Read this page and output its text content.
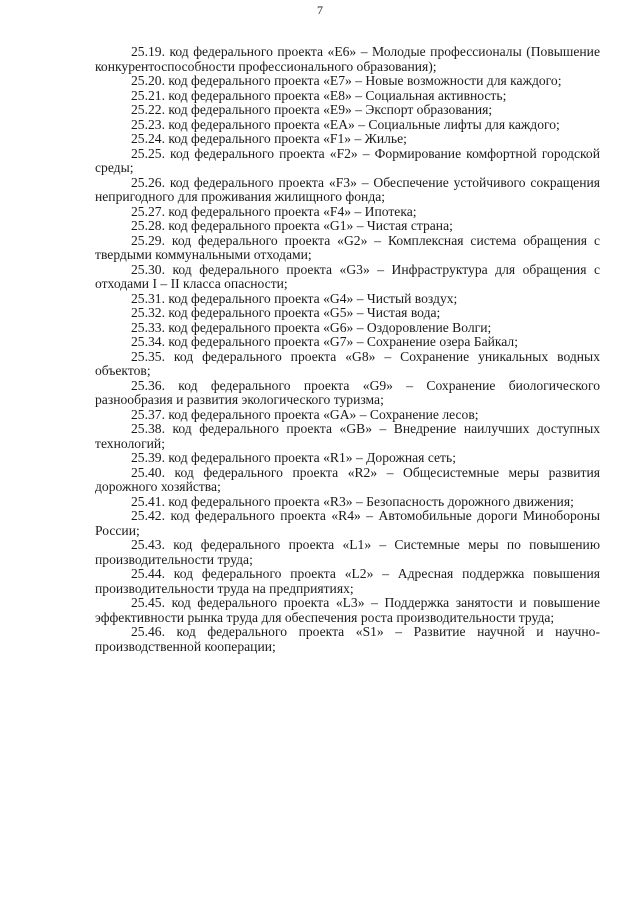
7

25.19. код федерального проекта «E6» – Молодые профессионалы (Повышение конкурентоспособности профессионального образования);

25.20. код федерального проекта «E7» – Новые возможности для каждого;

25.21. код федерального проекта «E8» – Социальная активность;

25.22. код федерального проекта «E9» – Экспорт образования;

25.23. код федерального проекта «EA» – Социальные лифты для каждого;

25.24. код федерального проекта «F1» – Жилье;

25.25. код федерального проекта «F2» – Формирование комфортной городской среды;

25.26. код федерального проекта «F3» – Обеспечение устойчивого сокращения непригодного для проживания жилищного фонда;

25.27. код федерального проекта «F4» – Ипотека;

25.28. код федерального проекта «G1» – Чистая страна;

25.29. код федерального проекта «G2» – Комплексная система обращения с твердыми коммунальными отходами;

25.30. код федерального проекта «G3» – Инфраструктура для обращения с отходами I – II класса опасности;

25.31. код федерального проекта «G4» – Чистый воздух;

25.32. код федерального проекта «G5» – Чистая вода;

25.33. код федерального проекта «G6» – Оздоровление Волги;

25.34. код федерального проекта «G7» – Сохранение озера Байкал;

25.35. код федерального проекта «G8» – Сохранение уникальных водных объектов;

25.36. код федерального проекта «G9» – Сохранение биологического разнообразия и развития экологического туризма;

25.37. код федерального проекта «GA» – Сохранение лесов;

25.38. код федерального проекта «GB» – Внедрение наилучших доступных технологий;

25.39. код федерального проекта «R1» – Дорожная сеть;

25.40. код федерального проекта «R2» – Общесистемные меры развития дорожного хозяйства;

25.41. код федерального проекта «R3» – Безопасность дорожного движения;

25.42. код федерального проекта «R4» – Автомобильные дороги Минобороны России;

25.43. код федерального проекта «L1» – Системные меры по повышению производительности труда;

25.44. код федерального проекта «L2» – Адресная поддержка повышения производительности труда на предприятиях;

25.45. код федерального проекта «L3» – Поддержка занятости и повышение эффективности рынка труда для обеспечения роста производительности труда;

25.46. код федерального проекта «S1» – Развитие научной и научно-производственной кооперации;
